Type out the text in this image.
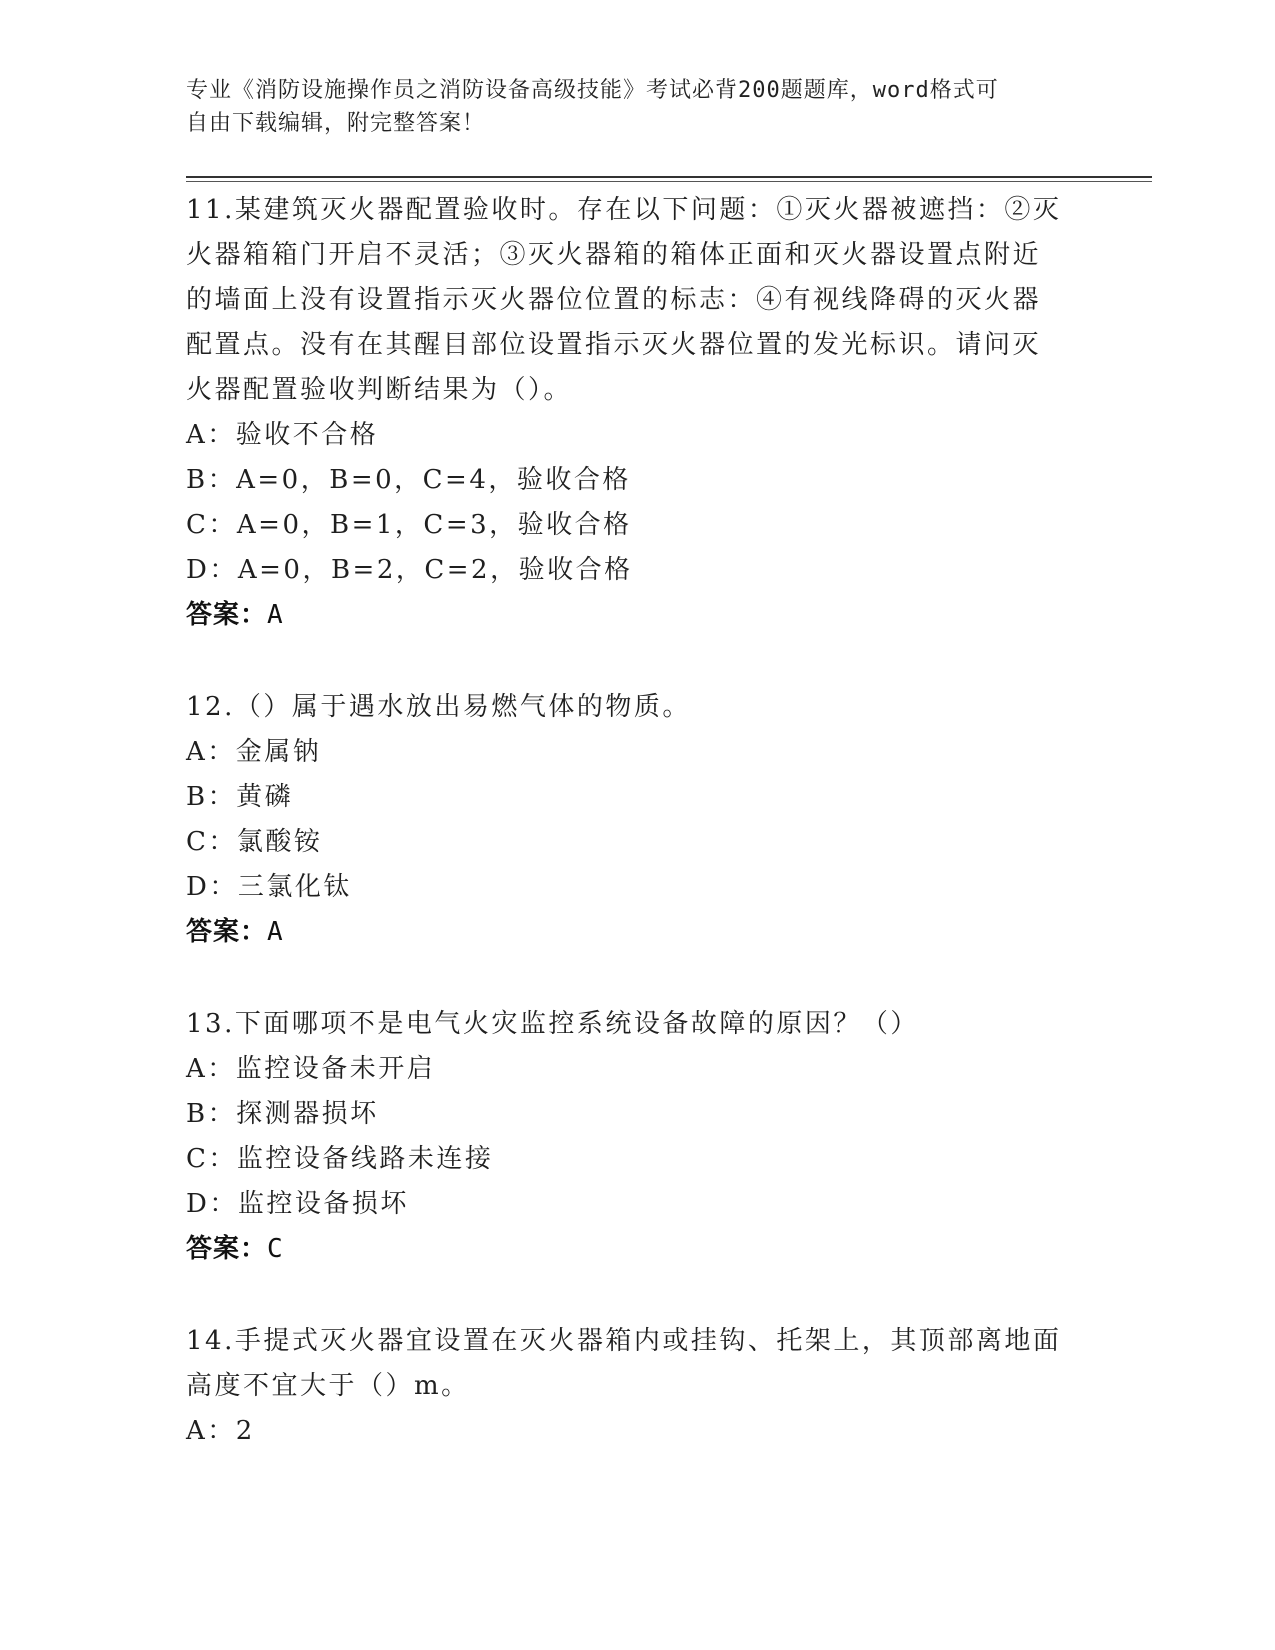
专业《消防设施操作员之消防设备高级技能》考试必背200题题库，word格式可
自由下载编辑，附完整答案！
11.某建筑灭火器配置验收时。存在以下问题：①灭火器被遮挡：②灭
火器箱箱门开启不灵活；③灭火器箱的箱体正面和灭火器设置点附近
的墙面上没有设置指示灭火器位位置的标志：④有视线降碍的灭火器
配置点。没有在其醒目部位设置指示灭火器位置的发光标识。请问灭
火器配置验收判断结果为（）。
A：验收不合格
B：A=0，B=0，C=4，验收合格
C：A=0，B=1，C=3，验收合格
D：A=0，B=2，C=2，验收合格
答案：A
12.（）属于遇水放出易燃气体的物质。
A：金属钠
B：黄磷
C：氯酸铵
D：三氯化钛
答案：A
13.下面哪项不是电气火灾监控系统设备故障的原因？（）
A：监控设备未开启
B：探测器损坏
C：监控设备线路未连接
D：监控设备损坏
答案：C
14.手提式灭火器宜设置在灭火器箱内或挂钩、托架上，其顶部离地面
高度不宜大于（）m。
A：2
